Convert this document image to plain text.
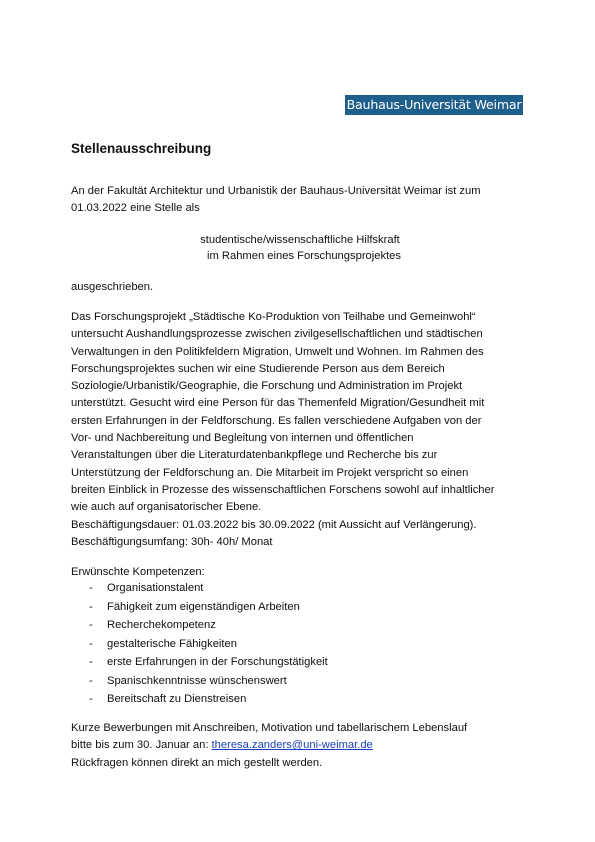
Bauhaus-Universität Weimar
Stellenausschreibung
An der Fakultät Architektur und Urbanistik der Bauhaus-Universität Weimar ist zum
01.03.2022 eine Stelle als
studentische/wissenschaftliche Hilfskraft
im Rahmen eines Forschungsprojektes
ausgeschrieben.
Das Forschungsprojekt „Städtische Ko-Produktion von Teilhabe und Gemeinwohl“
untersucht Aushandlungsprozesse zwischen zivilgesellschaftlichen und städtischen
Verwaltungen in den Politikfeldern Migration, Umwelt und Wohnen. Im Rahmen des
Forschungsprojektes suchen wir eine Studierende Person aus dem Bereich
Soziologie/Urbanistik/Geographie, die Forschung und Administration im Projekt
unterstützt. Gesucht wird eine Person für das Themenfeld Migration/Gesundheit mit
ersten Erfahrungen in der Feldforschung. Es fallen verschiedene Aufgaben von der
Vor- und Nachbereitung und Begleitung von internen und öffentlichen
Veranstaltungen über die Literaturdatenbankpflege und Recherche bis zur
Unterstützung der Feldforschung an. Die Mitarbeit im Projekt verspricht so einen
breiten Einblick in Prozesse des wissenschaftlichen Forschens sowohl auf inhaltlicher
wie auch auf organisatorischer Ebene.
Beschäftigungsdauer: 01.03.2022 bis 30.09.2022 (mit Aussicht auf Verlängerung).
Beschäftigungsumfang: 30h- 40h/ Monat
Erwünschte Kompetenzen:
- Organisationstalent
- Fähigkeit zum eigenständigen Arbeiten
- Recherchekompetenz
- gestalterische Fähigkeiten
- erste Erfahrungen in der Forschungstätigkeit
- Spanischkenntnisse wünschenswert
- Bereitschaft zu Dienstreisen
Kurze Bewerbungen mit Anschreiben, Motivation und tabellarischem Lebenslauf
bitte bis zum 30. Januar an: theresa.zanders@uni-weimar.de
Rückfragen können direkt an mich gestellt werden.
